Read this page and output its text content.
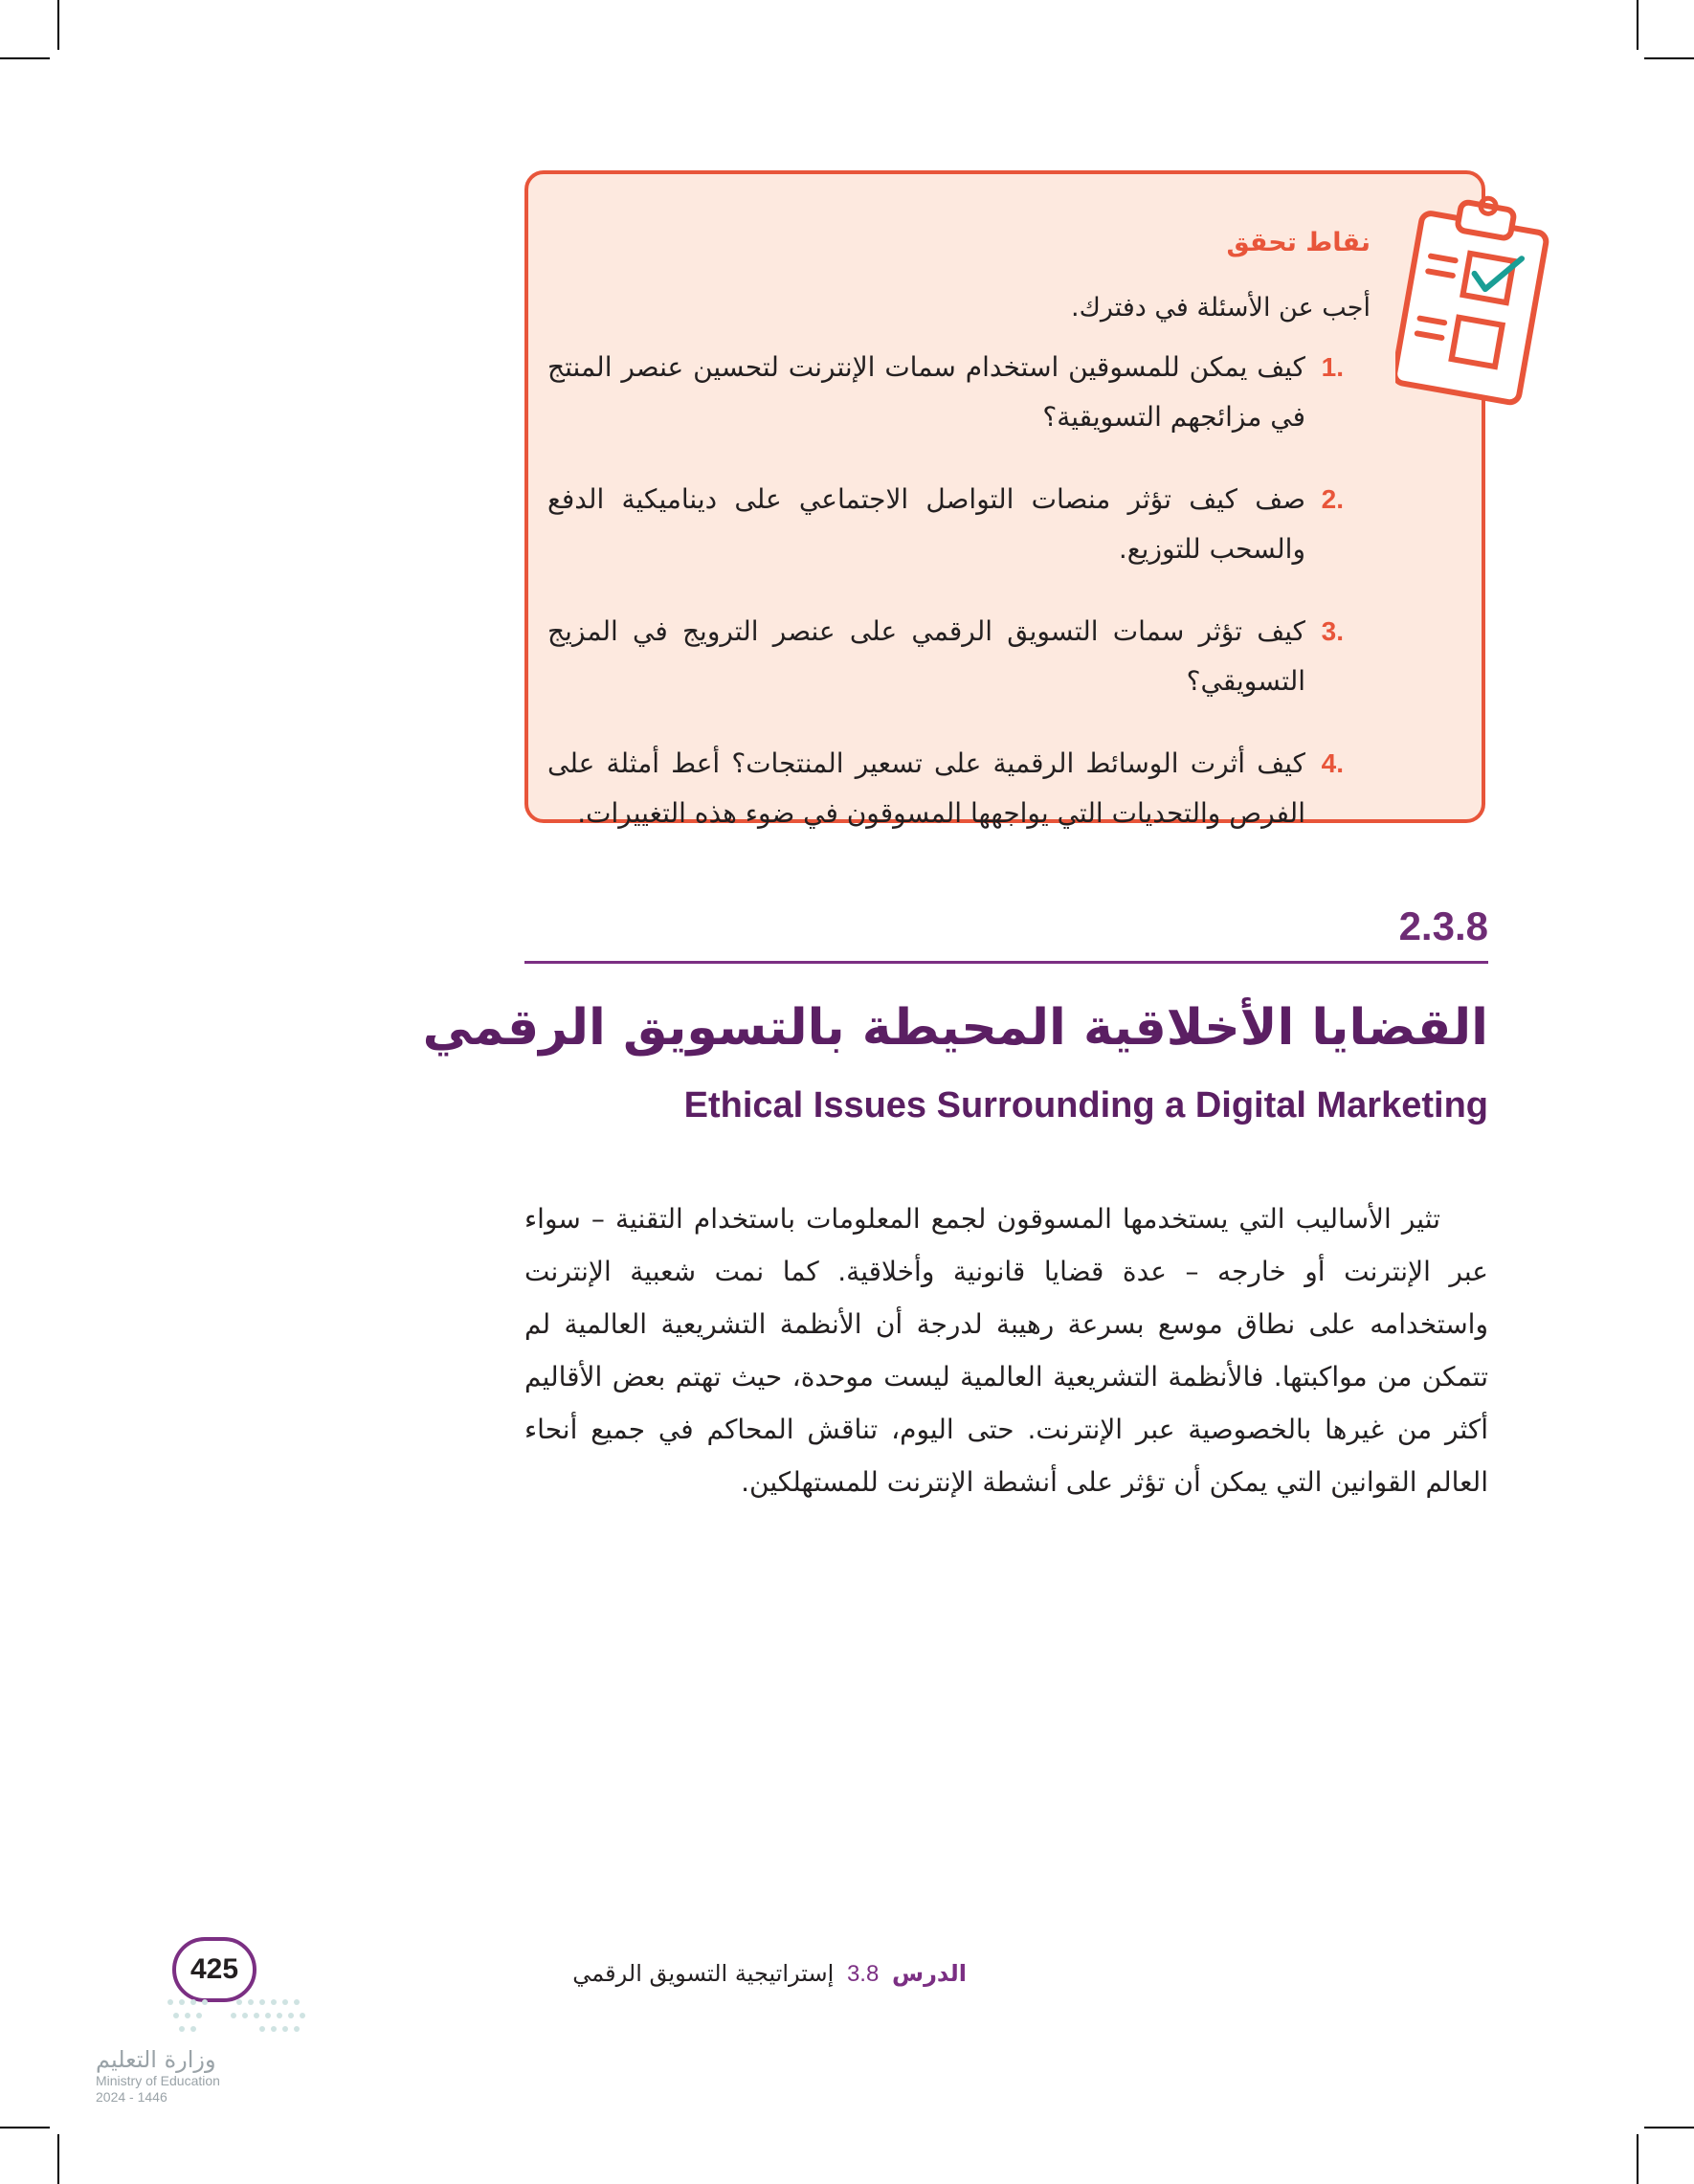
نقاط تحقق

أجب عن الأسئلة في دفترك.

1.
كيف يمكن للمسوقين استخدام سمات الإنترنت لتحسين عنصر المنتج في مزائجهم التسويقية؟
2.
صف كيف تؤثر منصات التواصل الاجتماعي على ديناميكية الدفع والسحب للتوزيع.
3.
كيف تؤثر سمات التسويق الرقمي على عنصر الترويج في المزيج التسويقي؟
4.
كيف أثرت الوسائط الرقمية على تسعير المنتجات؟ أعط أمثلة على الفرص والتحديات التي يواجهها المسوقون في ضوء هذه التغييرات.
2.3.8
القضايا الأخلاقية المحيطة بالتسويق الرقمي
Ethical Issues Surrounding a Digital Marketing

تثير الأساليب التي يستخدمها المسوقون لجمع المعلومات باستخدام التقنية – سواء عبر الإنترنت أو خارجه – عدة قضايا قانونية وأخلاقية. كما نمت شعبية الإنترنت واستخدامه على نطاق موسع بسرعة رهيبة لدرجة أن الأنظمة التشريعية العالمية لم تتمكن من مواكبتها. فالأنظمة التشريعية العالمية ليست موحدة، حيث تهتم بعض الأقاليم أكثر من غيرها بالخصوصية عبر الإنترنت. حتى اليوم، تناقش المحاكم في جميع أنحاء العالم القوانين التي يمكن أن تؤثر على أنشطة الإنترنت للمستهلكين.

425
وزارة التعليم
Ministry of Education
2024 - 1446

الدرس 3.8 إستراتيجية التسويق الرقمي
